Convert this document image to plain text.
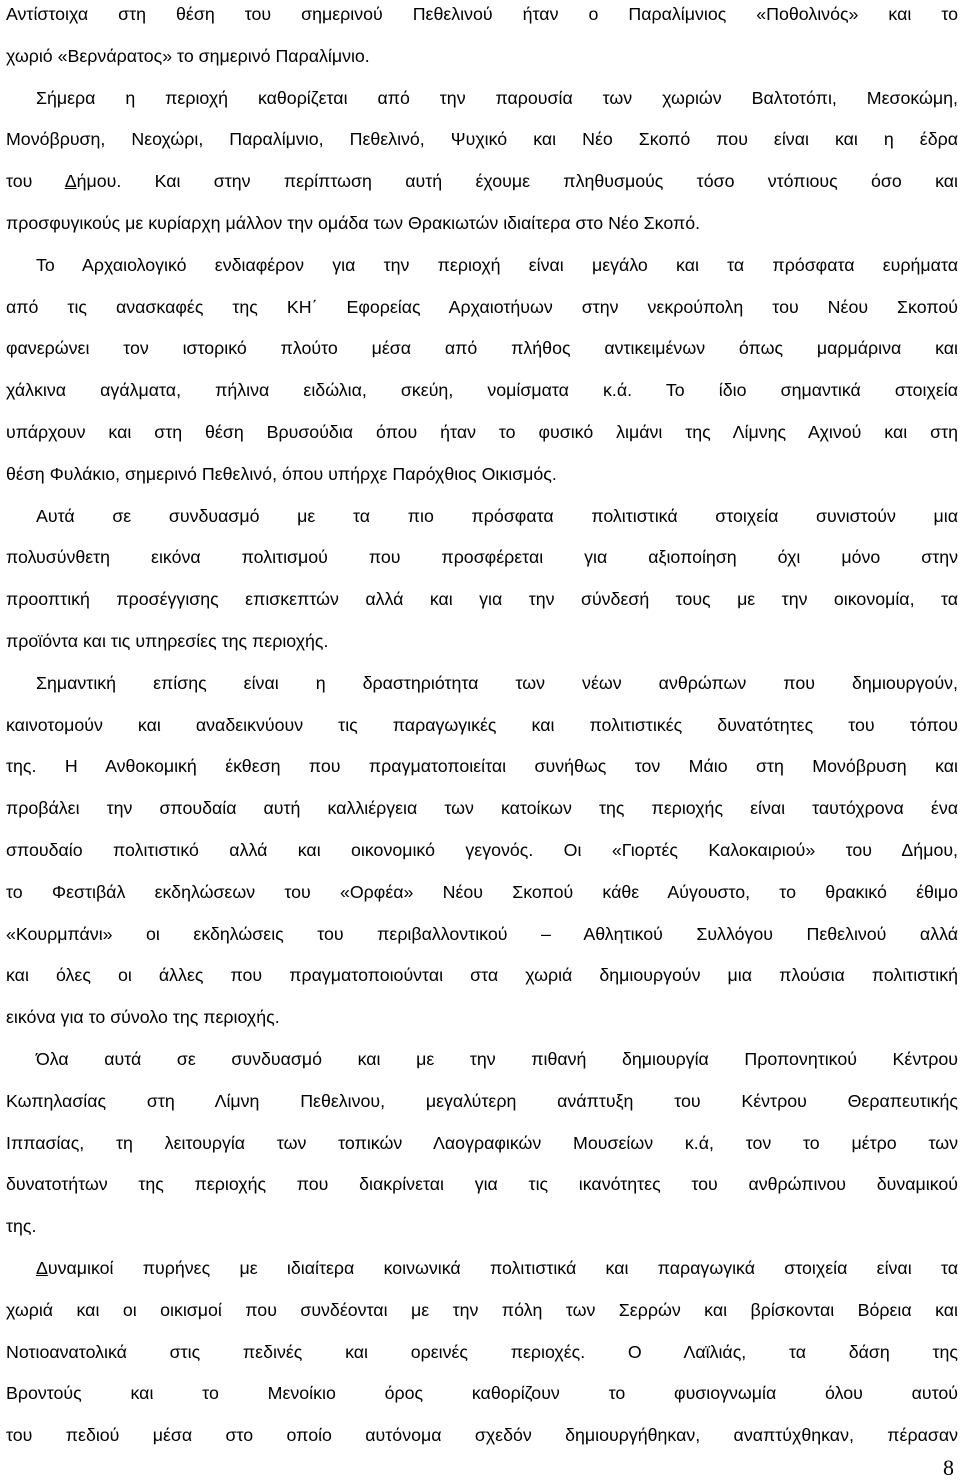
Αντίστοιχα στη θέση του σημερινού Πεθελινού ήταν ο Παραλίμνιος «Ποθολινός» και το
χωριό «Βερνάρατος» το σημερινό Παραλίμνιο.
Σήμερα η περιοχή καθορίζεται από την παρουσία των χωριών Βαλτοτόπι, Μεσοκώμη,
Μονόβρυση, Νεοχώρι, Παραλίμνιο, Πεθελινό, Ψυχικό και Νέο Σκοπό που είναι και η έδρα
του Δήμου. Και στην περίπτωση αυτή έχουμε πληθυσμούς τόσο ντόπιους όσο και
προσφυγικούς με κυρίαρχη μάλλον την ομάδα των Θρακιωτών ιδιαίτερα στο Νέο Σκοπό.
Το Αρχαιολογικό ενδιαφέρον για την περιοχή είναι μεγάλο και τα πρόσφατα ευρήματα
από τις ανασκαφές της ΚΗ΄ Εφορείας Αρχαιοτήυων στην νεκρούπολη του Νέου Σκοπού
φανερώνει τον ιστορικό πλούτο μέσα από πλήθος αντικειμένων όπως μαρμάρινα και
χάλκινα αγάλματα, πήλινα ειδώλια, σκεύη, νομίσματα κ.ά. Το ίδιο σημαντικά στοιχεία
υπάρχουν και στη θέση Βρυσούδια όπου ήταν το φυσικό λιμάνι της Λίμνης Αχινού και στη
θέση Φυλάκιο, σημερινό Πεθελινό, όπου υπήρχε Παρόχθιος Οικισμός.
Αυτά σε συνδυασμό με τα πιο πρόσφατα πολιτιστικά στοιχεία συνιστούν μια
πολυσύνθετη εικόνα πολιτισμού που προσφέρεται για αξιοποίηση όχι μόνο στην
προοπτική προσέγγισης επισκεπτών αλλά και για την σύνδεσή τους με την οικονομία, τα
προϊόντα και τις υπηρεσίες της περιοχής.
Σημαντική επίσης είναι η δραστηριότητα των νέων ανθρώπων που δημιουργούν,
καινοτομούν και αναδεικνύουν τις παραγωγικές και πολιτιστικές δυνατότητες του τόπου
της. Η Ανθοκομική έκθεση που πραγματοποιείται συνήθως τον Μάιο στη Μονόβρυση και
προβάλει την σπουδαία αυτή καλλιέργεια των κατοίκων της περιοχής είναι ταυτόχρονα ένα
σπουδαίο πολιτιστικό αλλά και οικονομικό γεγονός. Οι «Γιορτές Καλοκαιριού» του Δήμου,
το Φεστιβάλ εκδηλώσεων του «Ορφέα» Νέου Σκοπού κάθε Αύγουστο, το θρακικό έθιμο
«Κουρμπάνι» οι εκδηλώσεις του περιβαλλοντικού – Αθλητικού Συλλόγου Πεθελινού αλλά
και όλες οι άλλες που πραγματοποιούνται στα χωριά δημιουργούν μια πλούσια πολιτιστική
εικόνα για το σύνολο της περιοχής.
Όλα αυτά σε συνδυασμό και με την πιθανή δημιουργία Προπονητικού Κέντρου
Κωπηλασίας στη Λίμνη Πεθελινου, μεγαλύτερη ανάπτυξη του Κέντρου Θεραπευτικής
Ιππασίας, τη λειτουργία των τοπικών Λαογραφικών Μουσείων κ.ά, τον το μέτρο των
δυνατοτήτων της περιοχής που διακρίνεται για τις ικανότητες του ανθρώπινου δυναμικού
της.
Δυναμικοί πυρήνες με ιδιαίτερα κοινωνικά πολιτιστικά και παραγωγικά στοιχεία είναι τα
χωριά και οι οικισμοί που συνδέονται με την πόλη των Σερρών και βρίσκονται Βόρεια και
Νοτιοανατολικά στις πεδινές και ορεινές περιοχές. Ο Λαϊλιάς, τα δάση της
Βροντούς και το Μενοίκιο όρος καθορίζουν το φυσιογνωμία όλου αυτού
του πεδιού μέσα στο οποίο αυτόνομα σχεδόν δημιουργήθηκαν, αναπτύχθηκαν, πέρασαν
8
